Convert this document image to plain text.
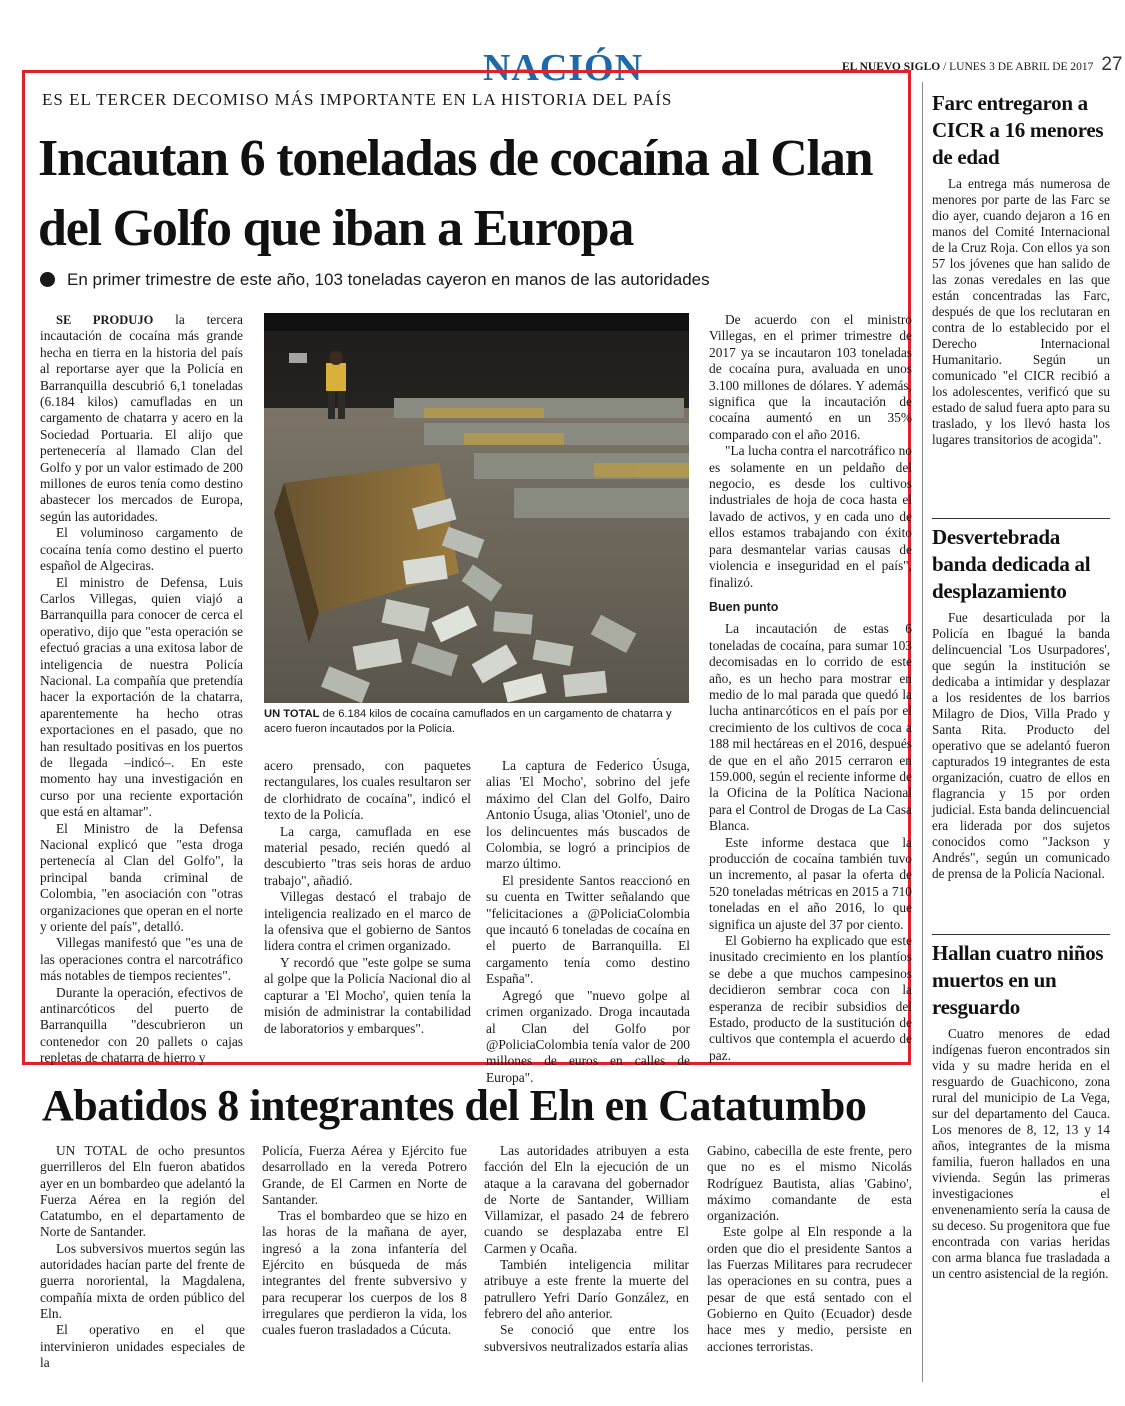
NACIÓN	EL NUEVO SIGLO / LUNES 3 DE ABRIL DE 2017 27
ES EL TERCER DECOMISO MÁS IMPORTANTE EN LA HISTORIA DEL PAÍS
Incautan 6 toneladas de cocaína al Clan del Golfo que iban a Europa
En primer trimestre de este año, 103 toneladas cayeron en manos de las autoridades

SE PRODUJO la tercera incautación de cocaína más grande hecha en tierra en la historia del país al reportarse ayer que la Policía en Barranquilla descubrió 6,1 toneladas (6.184 kilos) camufladas en un cargamento de chatarra y acero en la Sociedad Portuaria. El alijo que pertenecería al llamado Clan del Golfo y por un valor estimado de 200 millones de euros tenía como destino abastecer los mercados de Europa, según las autoridades.

El voluminoso cargamento de cocaína tenía como destino el puerto español de Algeciras.

El ministro de Defensa, Luis Carlos Villegas, quien viajó a Barranquilla para conocer de cerca el operativo, dijo que "esta operación se efectuó gracias a una exitosa labor de inteligencia de nuestra Policía Nacional. La compañía que pretendía hacer la exportación de la chatarra, aparentemente ha hecho otras exportaciones en el pasado, que no han resultado positivas en los puertos de llegada –indicó–. En este momento hay una investigación en curso por una reciente exportación que está en altamar".

El Ministro de la Defensa Nacional explicó que "esta droga pertenecía al Clan del Golfo", la principal banda criminal de Colombia, "en asociación con "otras organizaciones que operan en el norte y oriente del país", detalló.

Villegas manifestó que "es una de las operaciones contra el narcotráfico más notables de tiempos recientes".

Durante la operación, efectivos de antinarcóticos del puerto de Barranquilla "descubrieron un contenedor con 20 pallets o cajas repletas de chatarra de hierro y

UN TOTAL de 6.184 kilos de cocaína camuflados en un cargamento de chatarra y acero fueron incautados por la Policía.

acero prensado, con paquetes rectangulares, los cuales resultaron ser de clorhidrato de cocaína", indicó el texto de la Policía.

La carga, camuflada en ese material pesado, recién quedó al descubierto "tras seis horas de arduo trabajo", añadió.

Villegas destacó el trabajo de inteligencia realizado en el marco de la ofensiva que el gobierno de Santos lidera contra el crimen organizado.

Y recordó que "este golpe se suma al golpe que la Policía Nacional dio al capturar a 'El Mocho', quien tenía la misión de administrar la contabilidad de laboratorios y embarques".

La captura de Federico Úsuga, alias 'El Mocho', sobrino del jefe máximo del Clan del Golfo, Dairo Antonio Úsuga, alias 'Otoniel', uno de los delincuentes más buscados de Colombia, se logró a principios de marzo último.

El presidente Santos reaccionó en su cuenta en Twitter señalando que "felicitaciones a @PoliciaColombia que incautó 6 toneladas de cocaína en el puerto de Barranquilla. El cargamento tenía como destino España".

Agregó que "nuevo golpe al crimen organizado. Droga incautada al Clan del Golfo por @PoliciaColombia tenía valor de 200 millones de euros en calles de Europa".

De acuerdo con el ministro Villegas, en el primer trimestre de 2017 ya se incautaron 103 toneladas de cocaína pura, avaluada en unos 3.100 millones de dólares. Y además, significa que la incautación de cocaína aumentó en un 35% comparado con el año 2016.

"La lucha contra el narcotráfico no es solamente en un peldaño del negocio, es desde los cultivos industriales de hoja de coca hasta el lavado de activos, y en cada uno de ellos estamos trabajando con éxito para desmantelar varias causas de violencia e inseguridad en el país", finalizó.

Buen punto

La incautación de estas 6 toneladas de cocaína, para sumar 103 decomisadas en lo corrido de este año, es un hecho para mostrar en medio de lo mal parada que quedó la lucha antinarcóticos en el país por el crecimiento de los cultivos de coca a 188 mil hectáreas en el 2016, después de que en el año 2015 cerraron en 159.000, según el reciente informe de la Oficina de la Política Nacional para el Control de Drogas de La Casa Blanca.

Este informe destaca que la producción de cocaína también tuvo un incremento, al pasar la oferta de 520 toneladas métricas en 2015 a 710 toneladas en el año 2016, lo que significa un ajuste del 37 por ciento.

El Gobierno ha explicado que este inusitado crecimiento en los plantíos se debe a que muchos campesinos decidieron sembrar coca con la esperanza de recibir subsidios del Estado, producto de la sustitución de cultivos que contempla el acuerdo de paz.

Farc entregaron a CICR a 16 menores de edad

La entrega más numerosa de menores por parte de las Farc se dio ayer, cuando dejaron a 16 en manos del Comité Internacional de la Cruz Roja. Con ellos ya son 57 los jóvenes que han salido de las zonas veredales en las que están concentradas las Farc, después de que los reclutaran en contra de lo establecido por el Derecho Internacional Humanitario. Según un comunicado "el CICR recibió a los adolescentes, verificó que su estado de salud fuera apto para su traslado, y los llevó hasta los lugares transitorios de acogida".

Desvertebrada banda dedicada al desplazamiento

Fue desarticulada por la Policía en Ibagué la banda delincuencial 'Los Usurpadores', que según la institución se dedicaba a intimidar y desplazar a los residentes de los barrios Milagro de Dios, Villa Prado y Santa Rita. Producto del operativo que se adelantó fueron capturados 19 integrantes de esta organización, cuatro de ellos en flagrancia y 15 por orden judicial. Esta banda delincuencial era liderada por dos sujetos conocidos como "Jackson y Andrés", según un comunicado de prensa de la Policía Nacional.

Hallan cuatro niños muertos en un resguardo

Cuatro menores de edad indígenas fueron encontrados sin vida y su madre herida en el resguardo de Guachicono, zona rural del municipio de La Vega, sur del departamento del Cauca. Los menores de 8, 12, 13 y 14 años, integrantes de la misma familia, fueron hallados en una vivienda. Según las primeras investigaciones el envenenamiento sería la causa de su deceso. Su progenitora que fue encontrada con varias heridas con arma blanca fue trasladada a un centro asistencial de la región.

Abatidos 8 integrantes del Eln en Catatumbo

UN TOTAL de ocho presuntos guerrilleros del Eln fueron abatidos ayer en un bombardeo que adelantó la Fuerza Aérea en la región del Catatumbo, en el departamento de Norte de Santander.

Los subversivos muertos según las autoridades hacían parte del frente de guerra nororiental, la Magdalena, compañía mixta de orden público del Eln.

El operativo en el que intervinieron unidades especiales de la

Policía, Fuerza Aérea y Ejército fue desarrollado en la vereda Potrero Grande, de El Carmen en Norte de Santander.

Tras el bombardeo que se hizo en las horas de la mañana de ayer, ingresó a la zona infantería del Ejército en búsqueda de más integrantes del frente subversivo y para recuperar los cuerpos de los 8 irregulares que perdieron la vida, los cuales fueron trasladados a Cúcuta.

Las autoridades atribuyen a esta facción del Eln la ejecución de un ataque a la caravana del gobernador de Norte de Santander, William Villamizar, el pasado 24 de febrero cuando se desplazaba entre El Carmen y Ocaña.

También inteligencia militar atribuye a este frente la muerte del patrullero Yefri Darío González, en febrero del año anterior.

Se conoció que entre los subversivos neutralizados estaría alias

Gabino, cabecilla de este frente, pero que no es el mismo Nicolás Rodríguez Bautista, alias 'Gabino', máximo comandante de esta organización.

Este golpe al Eln responde a la orden que dio el presidente Santos a las Fuerzas Militares para recrudecer las operaciones en su contra, pues a pesar de que está sentado con el Gobierno en Quito (Ecuador) desde hace mes y medio, persiste en acciones terroristas.
